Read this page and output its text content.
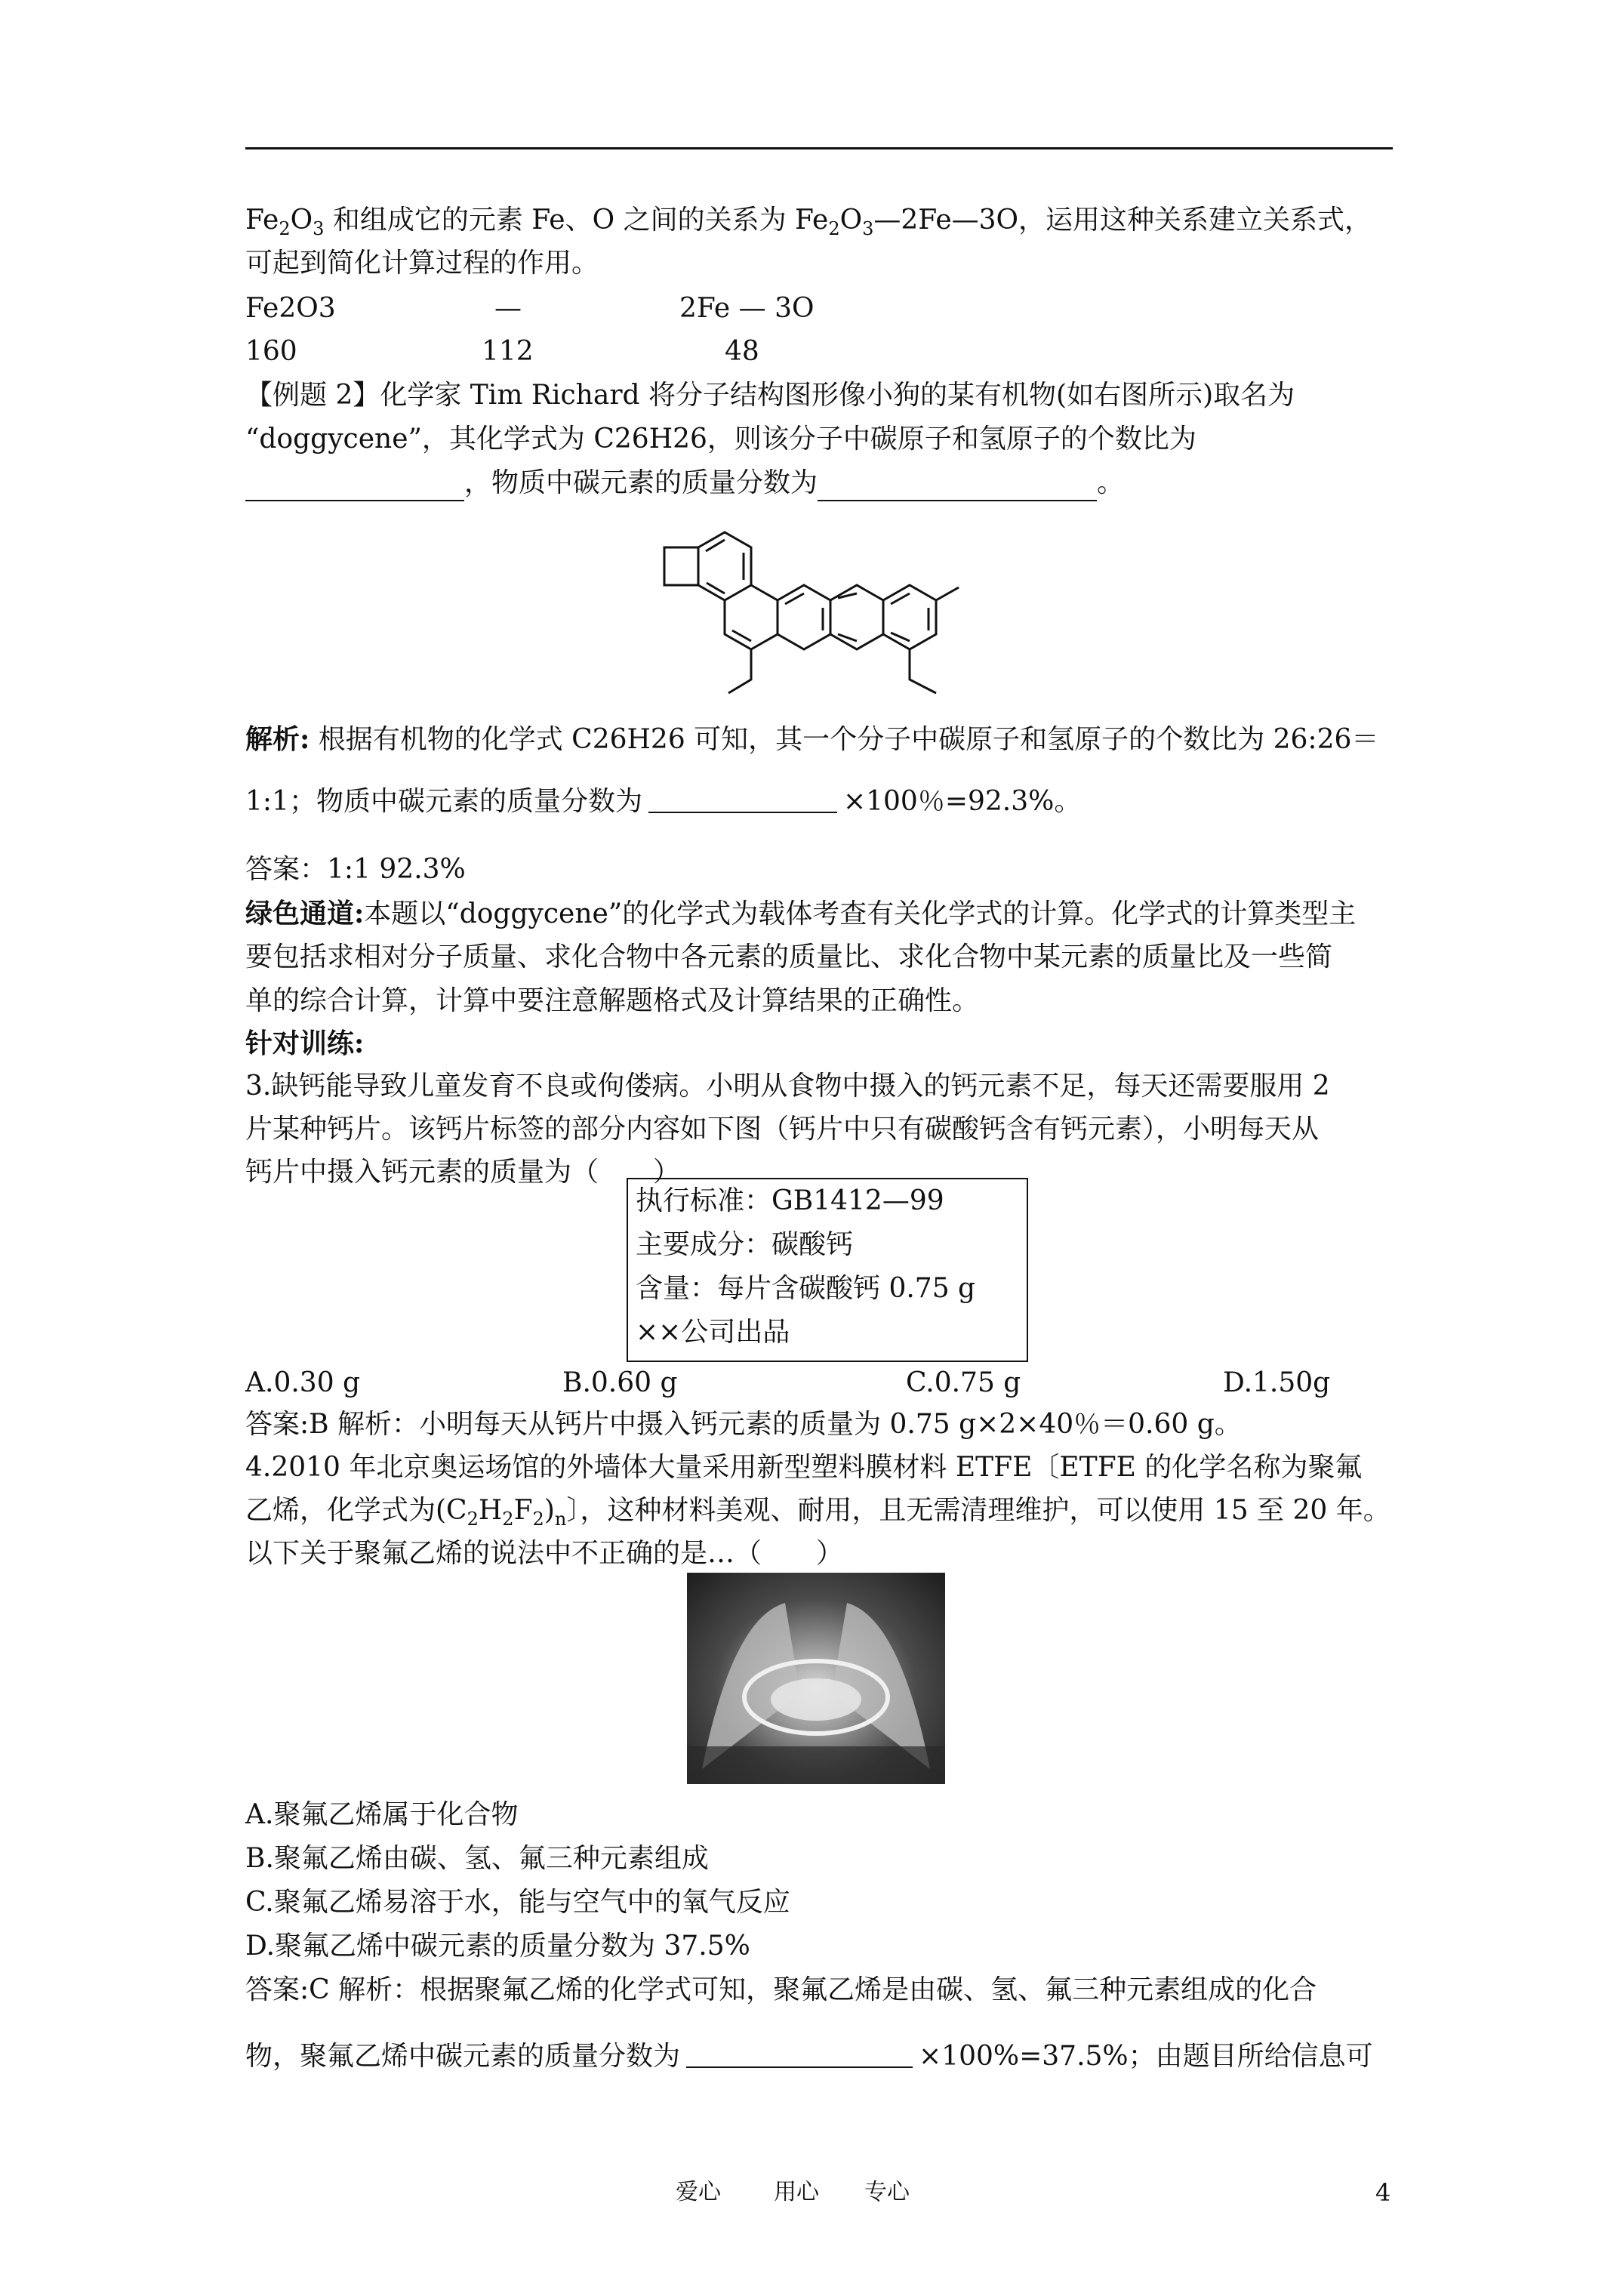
$Fe_2O_3$ 和组成它的元素 Fe、O 之间的关系为 $Fe_2O_3—2Fe—3O$，运用这种关系建立关系式，
可起到简化计算过程的作用。
Fe2O3	—	2Fe — 3O
160	112	48
【例题 2】化学家 Tim Richard 将分子结构图形像小狗的某有机物(如右图所示)取名为
“doggycene”，其化学式为 C26H26，则该分子中碳原子和氢原子的个数比为
，物质中碳元素的质量分数为	。
解析: 根据有机物的化学式 C26H26 可知，其一个分子中碳原子和氢原子的个数比为 26:26＝
1:1；物质中碳元素的质量分数为	×100％=92.3%。
答案：1:1 92.3%
绿色通道:本题以“doggycene”的化学式为载体考查有关化学式的计算。化学式的计算类型主
要包括求相对分子质量、求化合物中各元素的质量比、求化合物中某元素的质量比及一些简
单的综合计算，计算中要注意解题格式及计算结果的正确性。
针对训练:
3.缺钙能导致儿童发育不良或佝偻病。小明从食物中摄入的钙元素不足，每天还需要服用 2
片某种钙片。该钙片标签的部分内容如下图（钙片中只有碳酸钙含有钙元素），小明每天从
钙片中摄入钙元素的质量为（　　）
执行标准：GB1412—99
主要成分：碳酸钙
含量：每片含碳酸钙 0.75 g
××公司出品
A.0.30 g	B.0.60 g	C.0.75 g	D.1.50g
答案:B 解析：小明每天从钙片中摄入钙元素的质量为 0.75 g×2×40％＝0.60 g。
4.2010 年北京奥运场馆的外墙体大量采用新型塑料膜材料 ETFE〔ETFE 的化学名称为聚氟
乙烯，化学式为$(C_2H_2F_2)_n$〕，这种材料美观、耐用，且无需清理维护，可以使用 15 至 20 年。
以下关于聚氟乙烯的说法中不正确的是…（　　）
A.聚氟乙烯属于化合物
B.聚氟乙烯由碳、氢、氟三种元素组成
C.聚氟乙烯易溶于水，能与空气中的氧气反应
D.聚氟乙烯中碳元素的质量分数为 37.5%
答案:C 解析：根据聚氟乙烯的化学式可知，聚氟乙烯是由碳、氢、氟三种元素组成的化合
物，聚氟乙烯中碳元素的质量分数为	×100%=37.5%；由题目所给信息可
爱心 用心 专心	4
